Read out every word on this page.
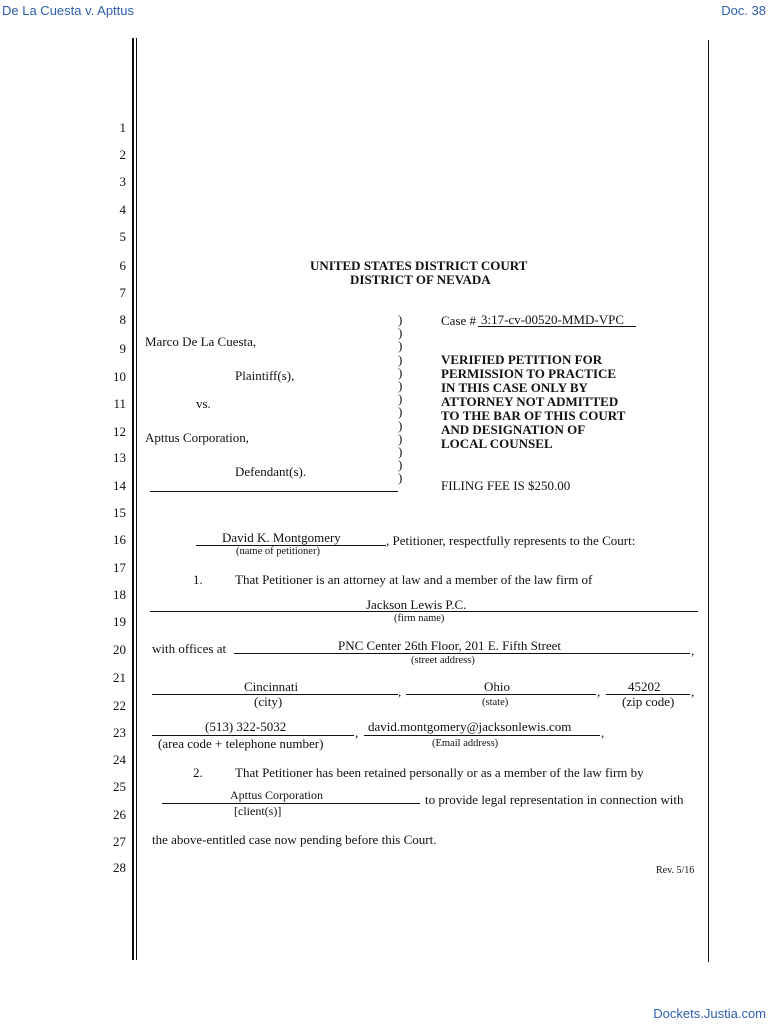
De La Cuesta v. Apttus	Doc. 38
Dockets.Justia.com
1
2
3
4
5
6
7
8
9
10
11
12
13
14
15
16
17
18
19
20
21
22
23
24
25
26
27
28
UNITED STATES DISTRICT COURT
DISTRICT OF NEVADA
Marco De La Cuesta,
Plaintiff(s),
vs.
Apttus Corporation,
Defendant(s).
)
)
)
)
)
)
)
)
)
)
)
)
)
Case # 3:17-cv-00520-MMD-VPC
VERIFIED PETITION FOR
PERMISSION TO PRACTICE
IN THIS CASE ONLY BY
ATTORNEY NOT ADMITTED
TO THE BAR OF THIS COURT
AND DESIGNATION OF
LOCAL COUNSEL
FILING FEE IS $250.00
David K. Montgomery
(name of petitioner)
, Petitioner, respectfully represents to the Court:
1. That Petitioner is an attorney at law and a member of the law firm of
Jackson Lewis P.C.
(firm name)
with offices at	PNC Center 26th Floor, 201 E. Fifth Street	,
(street address)
Cincinnati	,
(city)
Ohio	,
(state)
45202 ,
(zip code)
(513) 322-5032
(area code + telephone number)
, david.montgomery@jacksonlewis.com ,
(Email address)
2. That Petitioner has been retained personally or as a member of the law firm by
Apttus Corporation
[client(s)]
to provide legal representation in connection with
the above-entitled case now pending before this Court.
Rev. 5/16
